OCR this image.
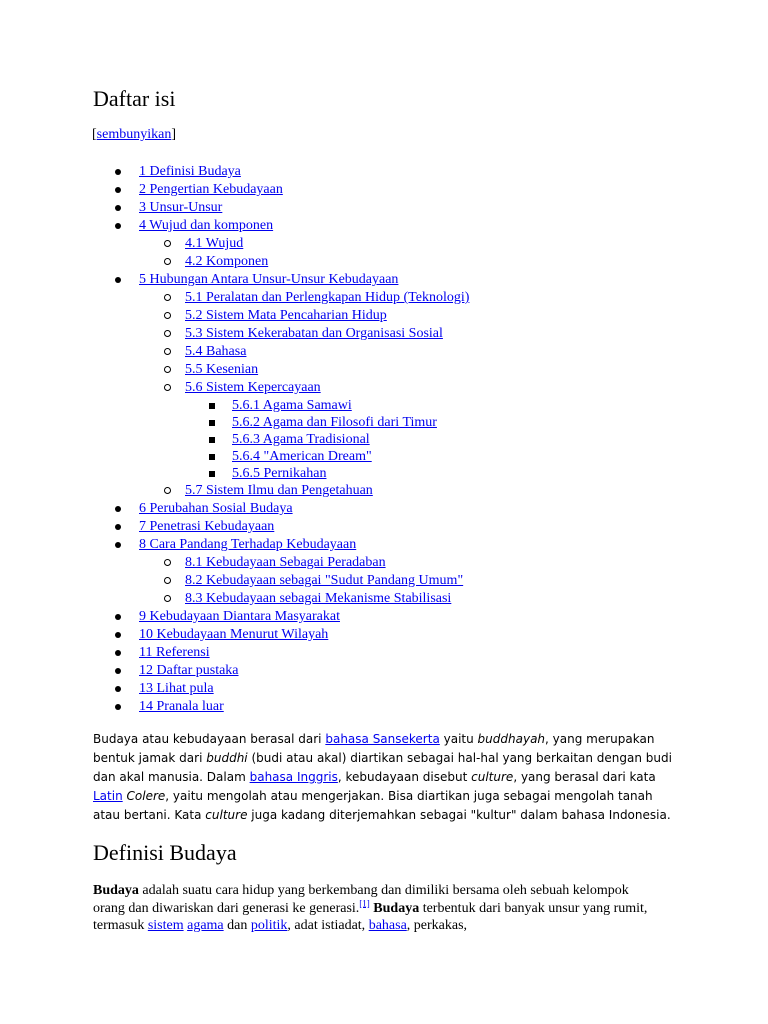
Daftar isi
[sembunyikan]
1 Definisi Budaya
2 Pengertian Kebudayaan
3 Unsur-Unsur
4 Wujud dan komponen
4.1 Wujud
4.2 Komponen
5 Hubungan Antara Unsur-Unsur Kebudayaan
5.1 Peralatan dan Perlengkapan Hidup (Teknologi)
5.2 Sistem Mata Pencaharian Hidup
5.3 Sistem Kekerabatan dan Organisasi Sosial
5.4 Bahasa
5.5 Kesenian
5.6 Sistem Kepercayaan
5.6.1 Agama Samawi
5.6.2 Agama dan Filosofi dari Timur
5.6.3 Agama Tradisional
5.6.4 "American Dream"
5.6.5 Pernikahan
5.7 Sistem Ilmu dan Pengetahuan
6 Perubahan Sosial Budaya
7 Penetrasi Kebudayaan
8 Cara Pandang Terhadap Kebudayaan
8.1 Kebudayaan Sebagai Peradaban
8.2 Kebudayaan sebagai "Sudut Pandang Umum"
8.3 Kebudayaan sebagai Mekanisme Stabilisasi
9 Kebudayaan Diantara Masyarakat
10 Kebudayaan Menurut Wilayah
11 Referensi
12 Daftar pustaka
13 Lihat pula
14 Pranala luar

Budaya atau kebudayaan berasal dari bahasa Sansekerta yaitu buddhayah, yang merupakan bentuk jamak dari buddhi (budi atau akal) diartikan sebagai hal-hal yang berkaitan dengan budi dan akal manusia. Dalam bahasa Inggris, kebudayaan disebut culture, yang berasal dari kata Latin Colere, yaitu mengolah atau mengerjakan. Bisa diartikan juga sebagai mengolah tanah atau bertani. Kata culture juga kadang diterjemahkan sebagai "kultur" dalam bahasa Indonesia.

Definisi Budaya

Budaya adalah suatu cara hidup yang berkembang dan dimiliki bersama oleh sebuah kelompok orang dan diwariskan dari generasi ke generasi.[1] Budaya terbentuk dari banyak unsur yang rumit, termasuk sistem agama dan politik, adat istiadat, bahasa, perkakas,
